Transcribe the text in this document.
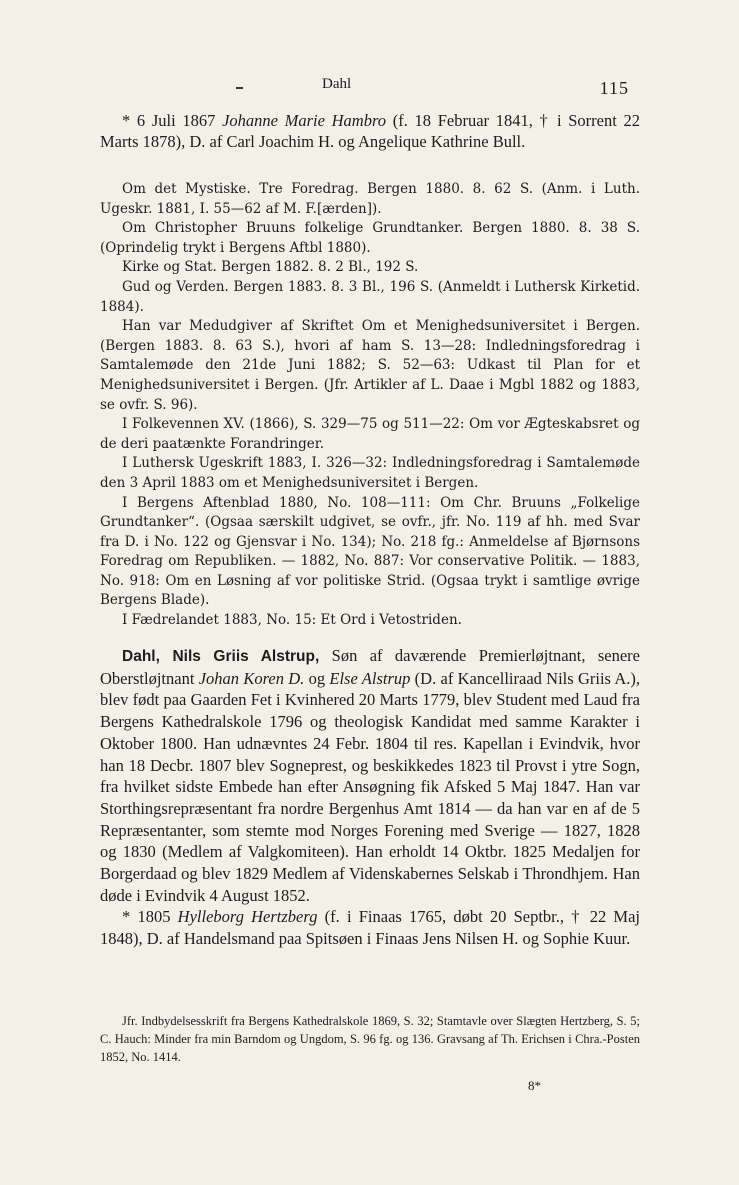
Dahl	115

* 6 Juli 1867 Johanne Marie Hambro (f. 18 Februar 1841, † i Sorrent 22 Marts 1878), D. af Carl Joachim H. og Angelique Kathrine Bull.

Om det Mystiske. Tre Foredrag. Bergen 1880. 8. 62 S. (Anm. i Luth. Ugeskr. 1881, I. 55—62 af M. F.[ærden]).

Om Christopher Bruuns folkelige Grundtanker. Bergen 1880. 8. 38 S. (Oprindelig trykt i Bergens Aftbl 1880).

Kirke og Stat. Bergen 1882. 8. 2 Bl., 192 S.

Gud og Verden. Bergen 1883. 8. 3 Bl., 196 S. (Anmeldt i Luthersk Kirketid. 1884).

Han var Medudgiver af Skriftet Om et Menighedsuniversitet i Bergen. (Bergen 1883. 8. 63 S.), hvori af ham S. 13—28: Indledningsforedrag i Samtalemøde den 21de Juni 1882; S. 52—63: Udkast til Plan for et Menighedsuniversitet i Bergen. (Jfr. Artikler af L. Daae i Mgbl 1882 og 1883, se ovfr. S. 96).

I Folkevennen XV. (1866), S. 329—75 og 511—22: Om vor Ægteskabsret og de deri paatænkte Forandringer.

I Luthersk Ugeskrift 1883, I. 326—32: Indledningsforedrag i Samtalemøde den 3 April 1883 om et Menighedsuniversitet i Bergen.

I Bergens Aftenblad 1880, No. 108—111: Om Chr. Bruuns „Folkelige Grundtanker“. (Ogsaa særskilt udgivet, se ovfr., jfr. No. 119 af hh. med Svar fra D. i No. 122 og Gjensvar i No. 134); No. 218 fg.: Anmeldelse af Bjørnsons Foredrag om Republiken. — 1882, No. 887: Vor conservative Politik. — 1883, No. 918: Om en Løsning af vor politiske Strid. (Ogsaa trykt i samtlige øvrige Bergens Blade).

I Fædrelandet 1883, No. 15: Et Ord i Vetostriden.

Dahl, Nils Griis Alstrup, Søn af daværende Premierløjtnant, senere Oberstløjtnant Johan Koren D. og Else Alstrup (D. af Kancelliraad Nils Griis A.), blev født paa Gaarden Fet i Kvinhered 20 Marts 1779, blev Student med Laud fra Bergens Kathedralskole 1796 og theologisk Kandidat med samme Karakter i Oktober 1800. Han udnævntes 24 Febr. 1804 til res. Kapellan i Evindvik, hvor han 18 Decbr. 1807 blev Sogneprest, og beskikkedes 1823 til Provst i ytre Sogn, fra hvilket sidste Embede han efter Ansøgning fik Afsked 5 Maj 1847. Han var Storthingsrepræsentant fra nordre Bergenhus Amt 1814 — da han var en af de 5 Repræsentanter, som stemte mod Norges Forening med Sverige — 1827, 1828 og 1830 (Medlem af Valgkomiteen). Han erholdt 14 Oktbr. 1825 Medaljen for Borgerdaad og blev 1829 Medlem af Videnskabernes Selskab i Throndhjem. Han døde i Evindvik 4 August 1852.

* 1805 Hylleborg Hertzberg (f. i Finaas 1765, døbt 20 Septbr., † 22 Maj 1848), D. af Handelsmand paa Spitsøen i Finaas Jens Nilsen H. og Sophie Kuur.

Jfr. Indbydelsesskrift fra Bergens Kathedralskole 1869, S. 32; Stamtavle over Slægten Hertzberg, S. 5; C. Hauch: Minder fra min Barndom og Ungdom, S. 96 fg. og 136. Gravsang af Th. Erichsen i Chra.-Posten 1852, No. 1414.

8*
